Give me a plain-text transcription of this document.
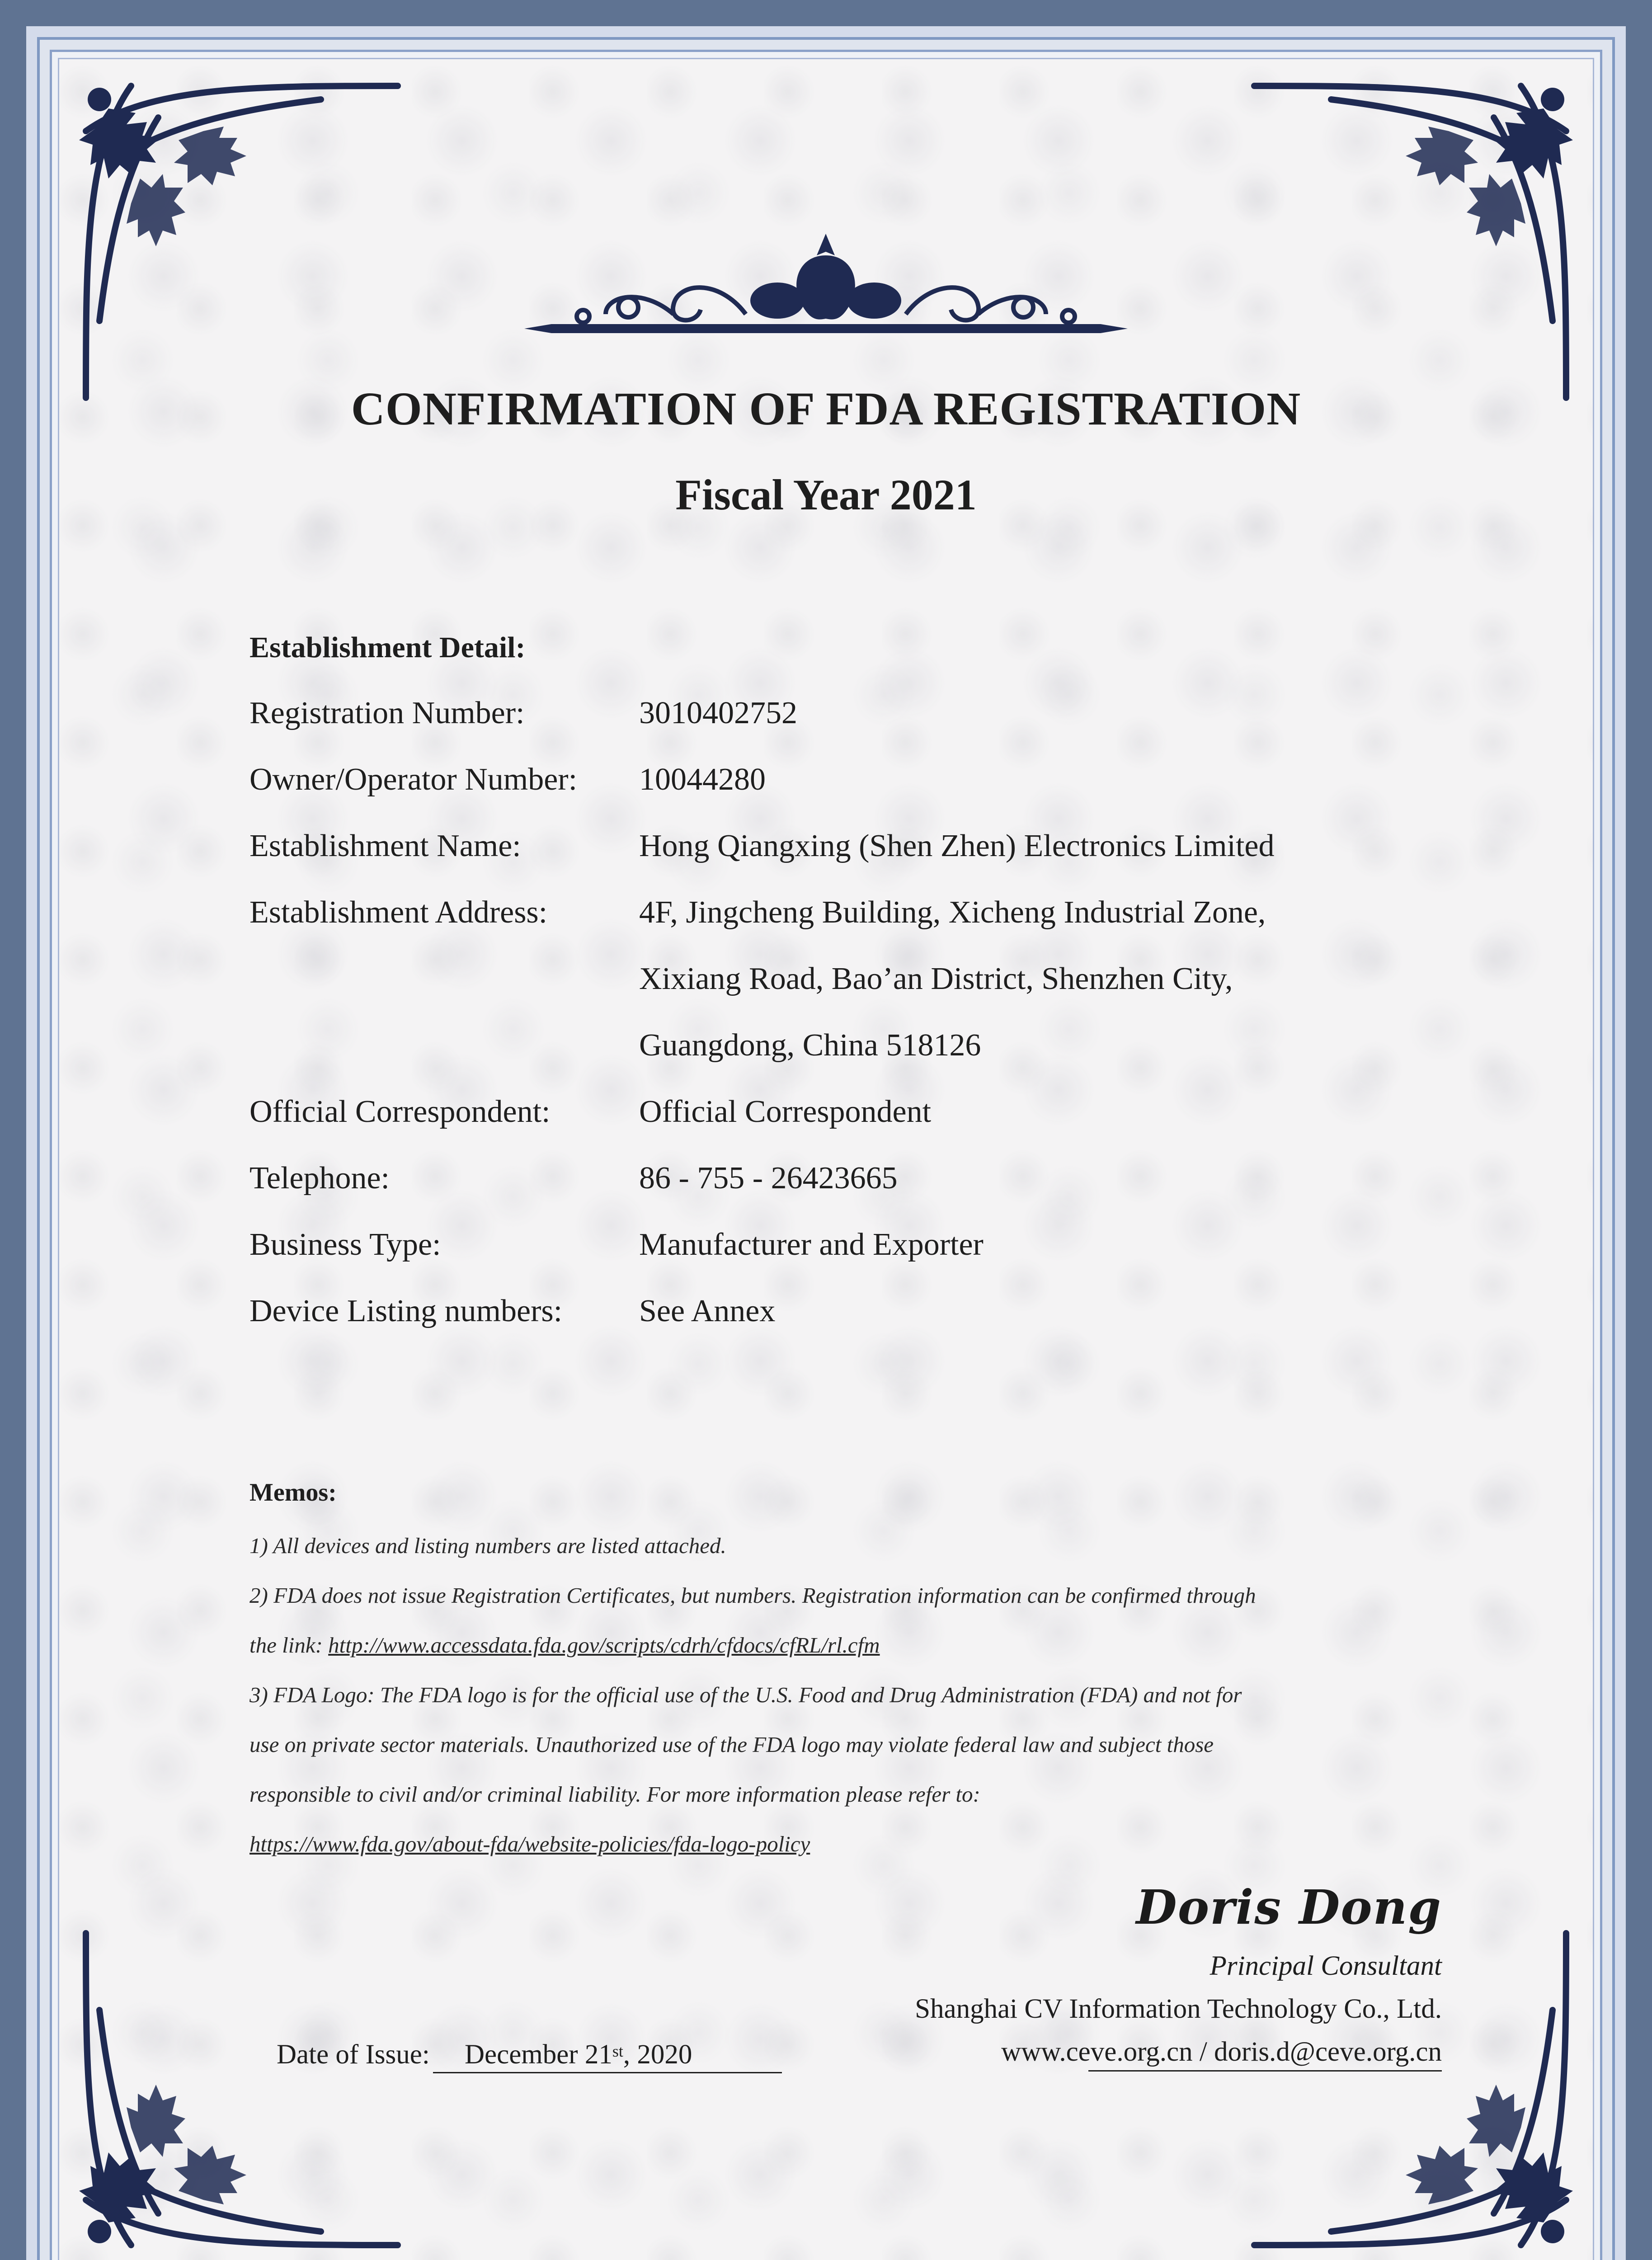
CONFIRMATION OF FDA REGISTRATION
Fiscal Year 2021
Establishment Detail:
Registration Number:	3010402752
Owner/Operator Number: 10044280
Establishment Name:	Hong Qiangxing (Shen Zhen) Electronics Limited
Establishment Address:	4F, Jingcheng Building, Xicheng Industrial Zone,
Xixiang Road, Bao’an District, Shenzhen City,
Guangdong, China 518126
Official Correspondent:	Official Correspondent
Telephone:	86 - 755 - 26423665
Business Type:	Manufacturer and Exporter
Device Listing numbers: See Annex
Memos:
1) All devices and listing numbers are listed attached.
2) FDA does not issue Registration Certificates, but numbers. Registration information can be confirmed through
the link: http://www.accessdata.fda.gov/scripts/cdrh/cfdocs/cfRL/rl.cfm
3) FDA Logo: The FDA logo is for the official use of the U.S. Food and Drug Administration (FDA) and not for
use on private sector materials. Unauthorized use of the FDA logo may violate federal law and subject those
responsible to civil and/or criminal liability. For more information please refer to:
https://www.fda.gov/about-fda/website-policies/fda-logo-policy
Doris Dong
Principal Consultant
Shanghai CV Information Technology Co., Ltd.
www.ceve.org.cn / doris.d@ceve.org.cn
Date of Issue: December 21st, 2020
